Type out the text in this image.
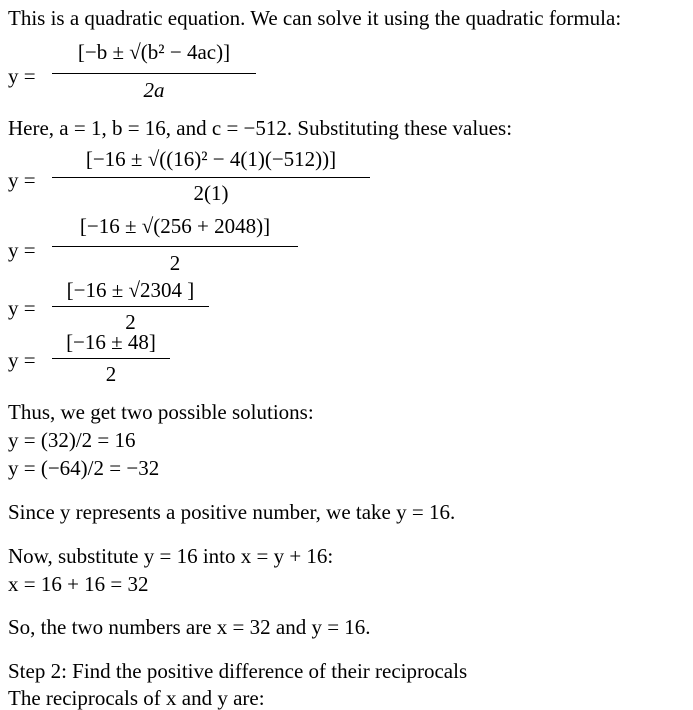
This is a quadratic equation. We can solve it using the quadratic formula:
y =
[−b ± √(b² − 4ac)]
2a
Here, a = 1, b = 16, and c = −512. Substituting these values:
y =
[−16 ± √((16)² − 4(1)(−512))]
2(1)
y =
[−16 ± √(256 + 2048)]
2
y =
[−16 ± √2304 ]
2
y =
[−16 ± 48]
2
Thus, we get two possible solutions:
y = (32)/2 = 16
y = (−64)/2 = −32
Since y represents a positive number, we take y = 16.
Now, substitute y = 16 into x = y + 16:
x = 16 + 16 = 32
So, the two numbers are x = 32 and y = 16.
Step 2: Find the positive difference of their reciprocals
The reciprocals of x and y are:
